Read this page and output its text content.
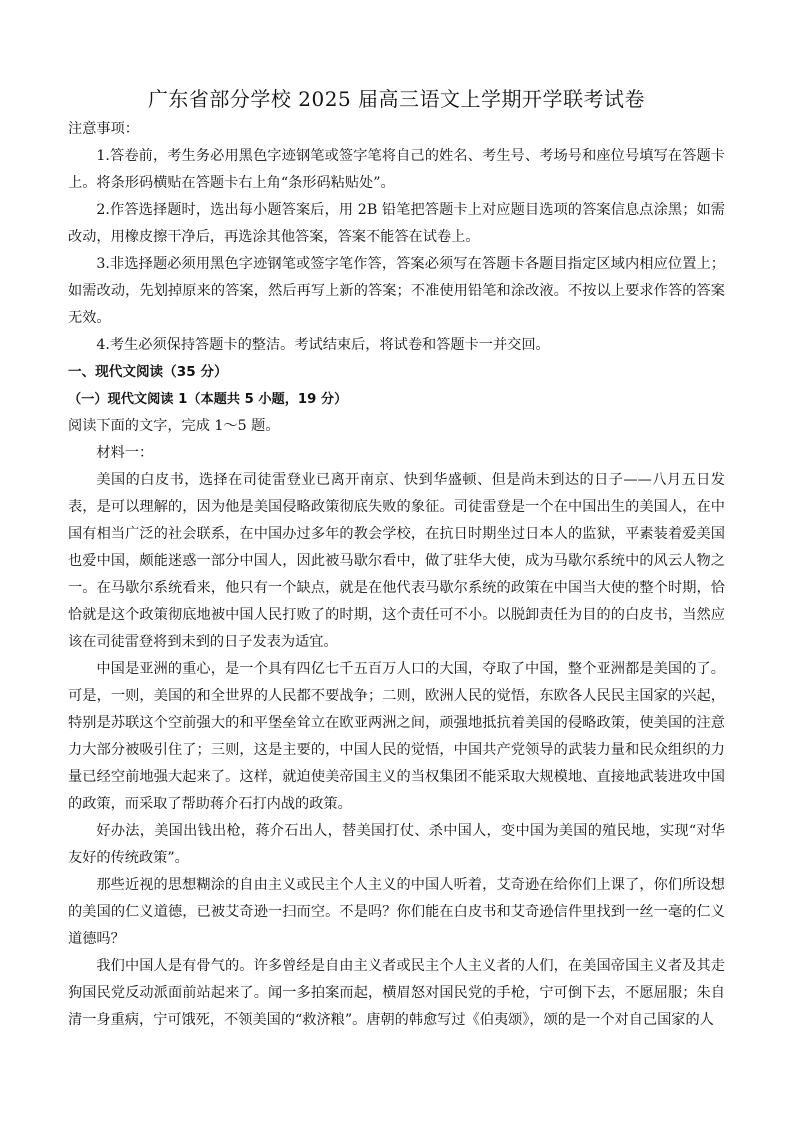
广东省部分学校 2025 届高三语文上学期开学联考试卷

注意事项：

1.答卷前，考生务必用黑色字迹钢笔或签字笔将自己的姓名、考生号、考场号和座位号填写在答题卡上。将条形码横贴在答题卡右上角“条形码粘贴处”。

2.作答选择题时，选出每小题答案后，用 2B 铅笔把答题卡上对应题目选项的答案信息点涂黑；如需改动，用橡皮擦干净后，再选涂其他答案，答案不能答在试卷上。

3.非选择题必须用黑色字迹钢笔或签字笔作答，答案必须写在答题卡各题目指定区域内相应位置上；如需改动，先划掉原来的答案，然后再写上新的答案；不准使用铅笔和涂改液。不按以上要求作答的答案无效。

4.考生必须保持答题卡的整洁。考试结束后，将试卷和答题卡一并交回。

一、现代文阅读（35 分）

（一）现代文阅读 1（本题共 5 小题，19 分）

阅读下面的文字，完成 1～5 题。

材料一：

美国的白皮书，选择在司徒雷登业已离开南京、快到华盛顿、但是尚未到达的日子——八月五日发表，是可以理解的，因为他是美国侵略政策彻底失败的象征。司徒雷登是一个在中国出生的美国人，在中国有相当广泛的社会联系，在中国办过多年的教会学校，在抗日时期坐过日本人的监狱，平素装着爱美国也爱中国，颇能迷惑一部分中国人，因此被马歇尔看中，做了驻华大使，成为马歇尔系统中的风云人物之一。在马歇尔系统看来，他只有一个缺点，就是在他代表马歇尔系统的政策在中国当大使的整个时期，恰恰就是这个政策彻底地被中国人民打败了的时期，这个责任可不小。以脱卸责任为目的的白皮书，当然应该在司徒雷登将到未到的日子发表为适宜。

中国是亚洲的重心，是一个具有四亿七千五百万人口的大国，夺取了中国，整个亚洲都是美国的了。可是，一则，美国的和全世界的人民都不要战争；二则，欧洲人民的觉悟，东欧各人民民主国家的兴起，特别是苏联这个空前强大的和平堡垒耸立在欧亚两洲之间，顽强地抵抗着美国的侵略政策，使美国的注意力大部分被吸引住了；三则，这是主要的，中国人民的觉悟，中国共产党领导的武装力量和民众组织的力量已经空前地强大起来了。这样，就迫使美帝国主义的当权集团不能采取大规模地、直接地武装进攻中国的政策，而采取了帮助蒋介石打内战的政策。

好办法，美国出钱出枪，蒋介石出人，替美国打仗、杀中国人，变中国为美国的殖民地，实现“对华友好的传统政策”。

那些近视的思想糊涂的自由主义或民主个人主义的中国人听着，艾奇逊在给你们上课了，你们所设想的美国的仁义道德，已被艾奇逊一扫而空。不是吗？你们能在白皮书和艾奇逊信件里找到一丝一毫的仁义道德吗？

我们中国人是有骨气的。许多曾经是自由主义者或民主个人主义者的人们，在美国帝国主义者及其走狗国民党反动派面前站起来了。闻一多拍案而起，横眉怒对国民党的手枪，宁可倒下去，不愿屈服；朱自清一身重病，宁可饿死，不领美国的“救济粮”。唐朝的韩愈写过《伯夷颂》，颂的是一个对自己国家的人
